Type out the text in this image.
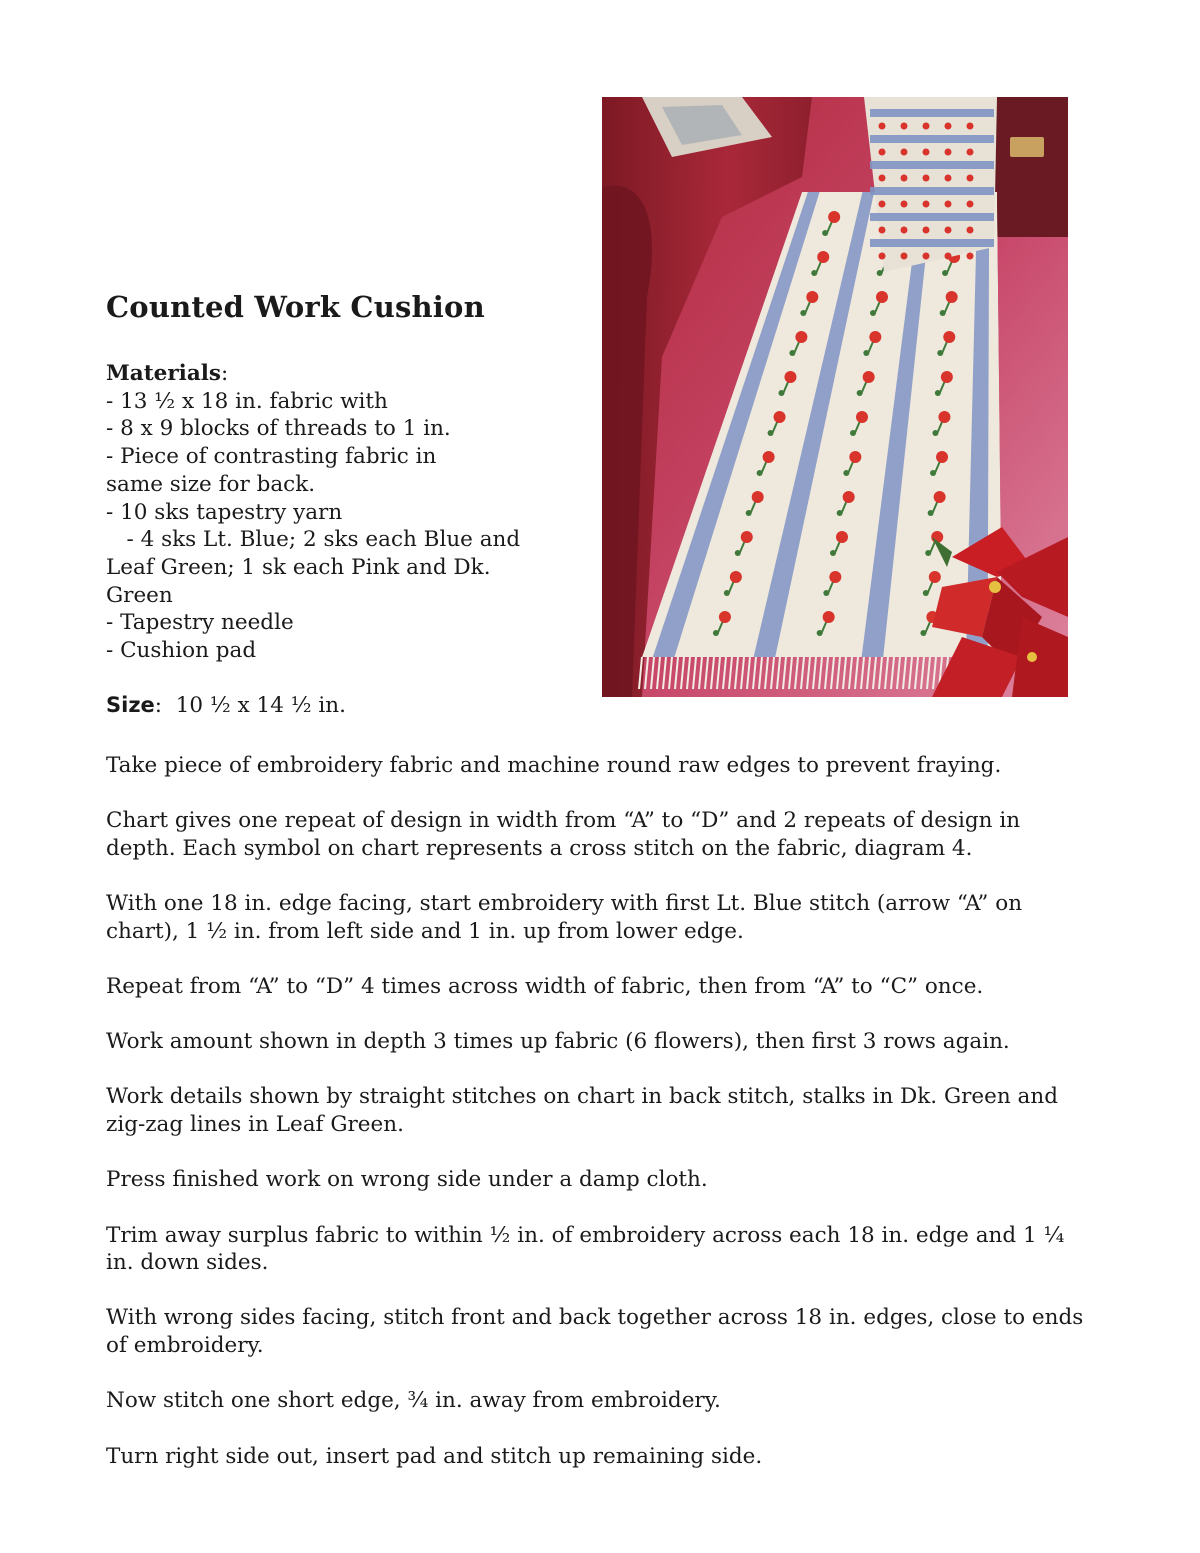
Counted Work Cushion
Materials:
- 13 ½ x 18 in. fabric with
- 8 x 9 blocks of threads to 1 in.
- Piece of contrasting fabric in
same size for back.
- 10 sks tapestry yarn
- 4 sks Lt. Blue; 2 sks each Blue and
Leaf Green; 1 sk each Pink and Dk.
Green
- Tapestry needle
- Cushion pad
Size:  10 ½ x 14 ½ in.

Take piece of embroidery fabric and machine round raw edges to prevent fraying.

Chart gives one repeat of design in width from “A” to “D” and 2 repeats of design in depth. Each symbol on chart represents a cross stitch on the fabric, diagram 4.

With one 18 in. edge facing, start embroidery with first Lt. Blue stitch (arrow “A” on chart), 1 ½ in. from left side and 1 in. up from lower edge.

Repeat from “A” to “D” 4 times across width of fabric, then from “A” to “C” once.

Work amount shown in depth 3 times up fabric (6 flowers), then first 3 rows again.

Work details shown by straight stitches on chart in back stitch, stalks in Dk. Green and zig-zag lines in Leaf Green.

Press finished work on wrong side under a damp cloth.

Trim away surplus fabric to within ½ in. of embroidery across each 18 in. edge and 1 ¼ in. down sides.

With wrong sides facing, stitch front and back together across 18 in. edges, close to ends of embroidery.

Now stitch one short edge, ¾ in. away from embroidery.

Turn right side out, insert pad and stitch up remaining side.
